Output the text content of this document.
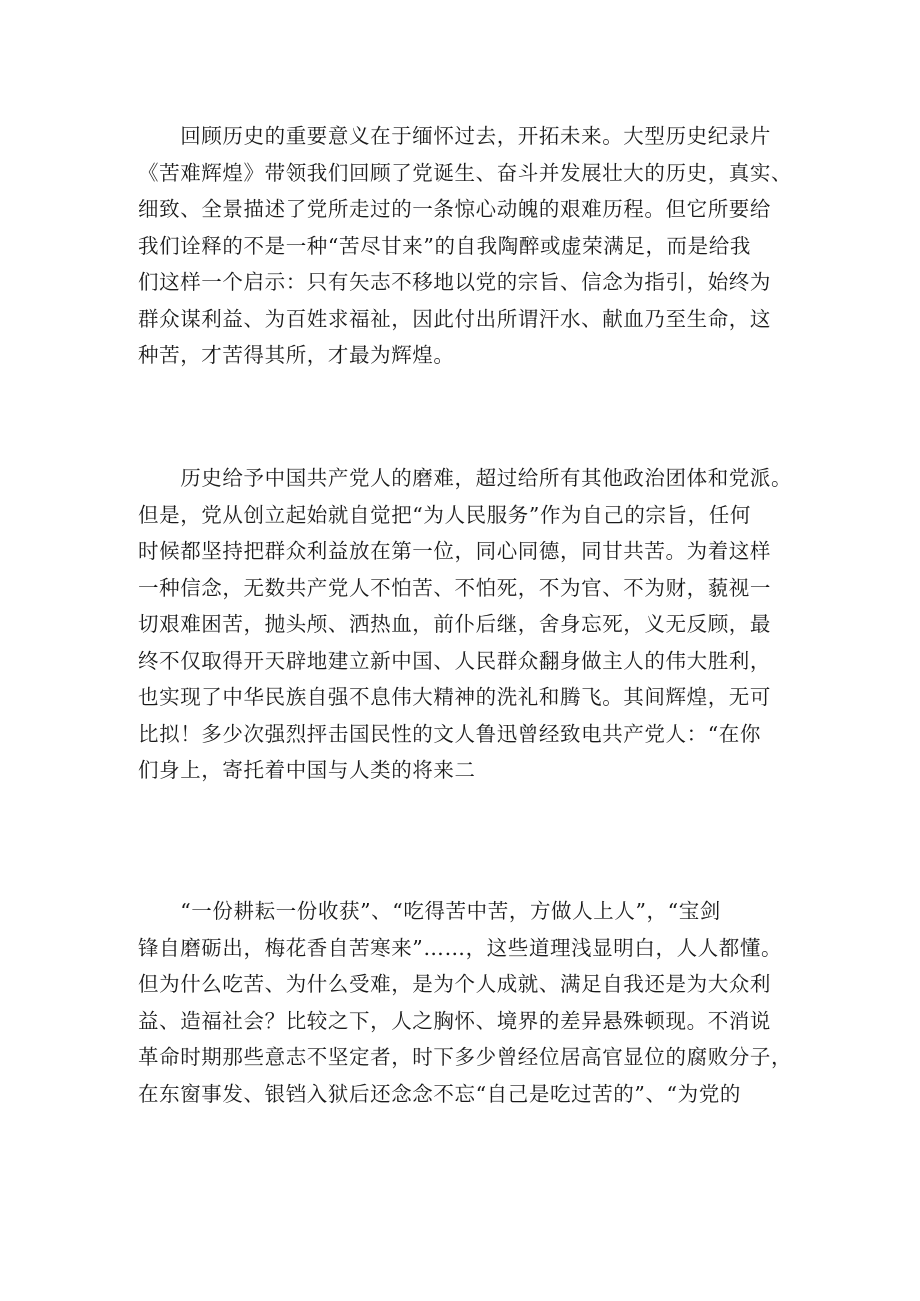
　　回顾历史的重要意义在于缅怀过去，开拓未来。大型历史纪录片
《苦难辉煌》带领我们回顾了党诞生、奋斗并发展壮大的历史，真实、
细致、全景描述了党所走过的一条惊心动魄的艰难历程。但它所要给
我们诠释的不是一种“苦尽甘来”的自我陶醉或虚荣满足，而是给我
们这样一个启示：只有矢志不移地以党的宗旨、信念为指引，始终为
群众谋利益、为百姓求福祉，因此付出所谓汗水、献血乃至生命，这
种苦，才苦得其所，才最为辉煌。

　　历史给予中国共产党人的磨难，超过给所有其他政治团体和党派。
但是，党从创立起始就自觉把“为人民服务”作为自己的宗旨，任何
时候都坚持把群众利益放在第一位，同心同德，同甘共苦。为着这样
一种信念，无数共产党人不怕苦、不怕死，不为官、不为财，藐视一
切艰难困苦，抛头颅、洒热血，前仆后继，舍身忘死，义无反顾，最
终不仅取得开天辟地建立新中国、人民群众翻身做主人的伟大胜利，
也实现了中华民族自强不息伟大精神的洗礼和腾飞。其间辉煌，无可
比拟！多少次强烈抨击国民性的文人鲁迅曾经致电共产党人：“在你
们身上，寄托着中国与人类的将来二

　　“一份耕耘一份收获”、“吃得苦中苦，方做人上人”，“宝剑
锋自磨砺出，梅花香自苦寒来”……，这些道理浅显明白，人人都懂。
但为什么吃苦、为什么受难，是为个人成就、满足自我还是为大众利
益、造福社会？比较之下，人之胸怀、境界的差异悬殊顿现。不消说
革命时期那些意志不坚定者，时下多少曾经位居高官显位的腐败分子，
在东窗事发、银铛入狱后还念念不忘“自己是吃过苦的”、“为党的
